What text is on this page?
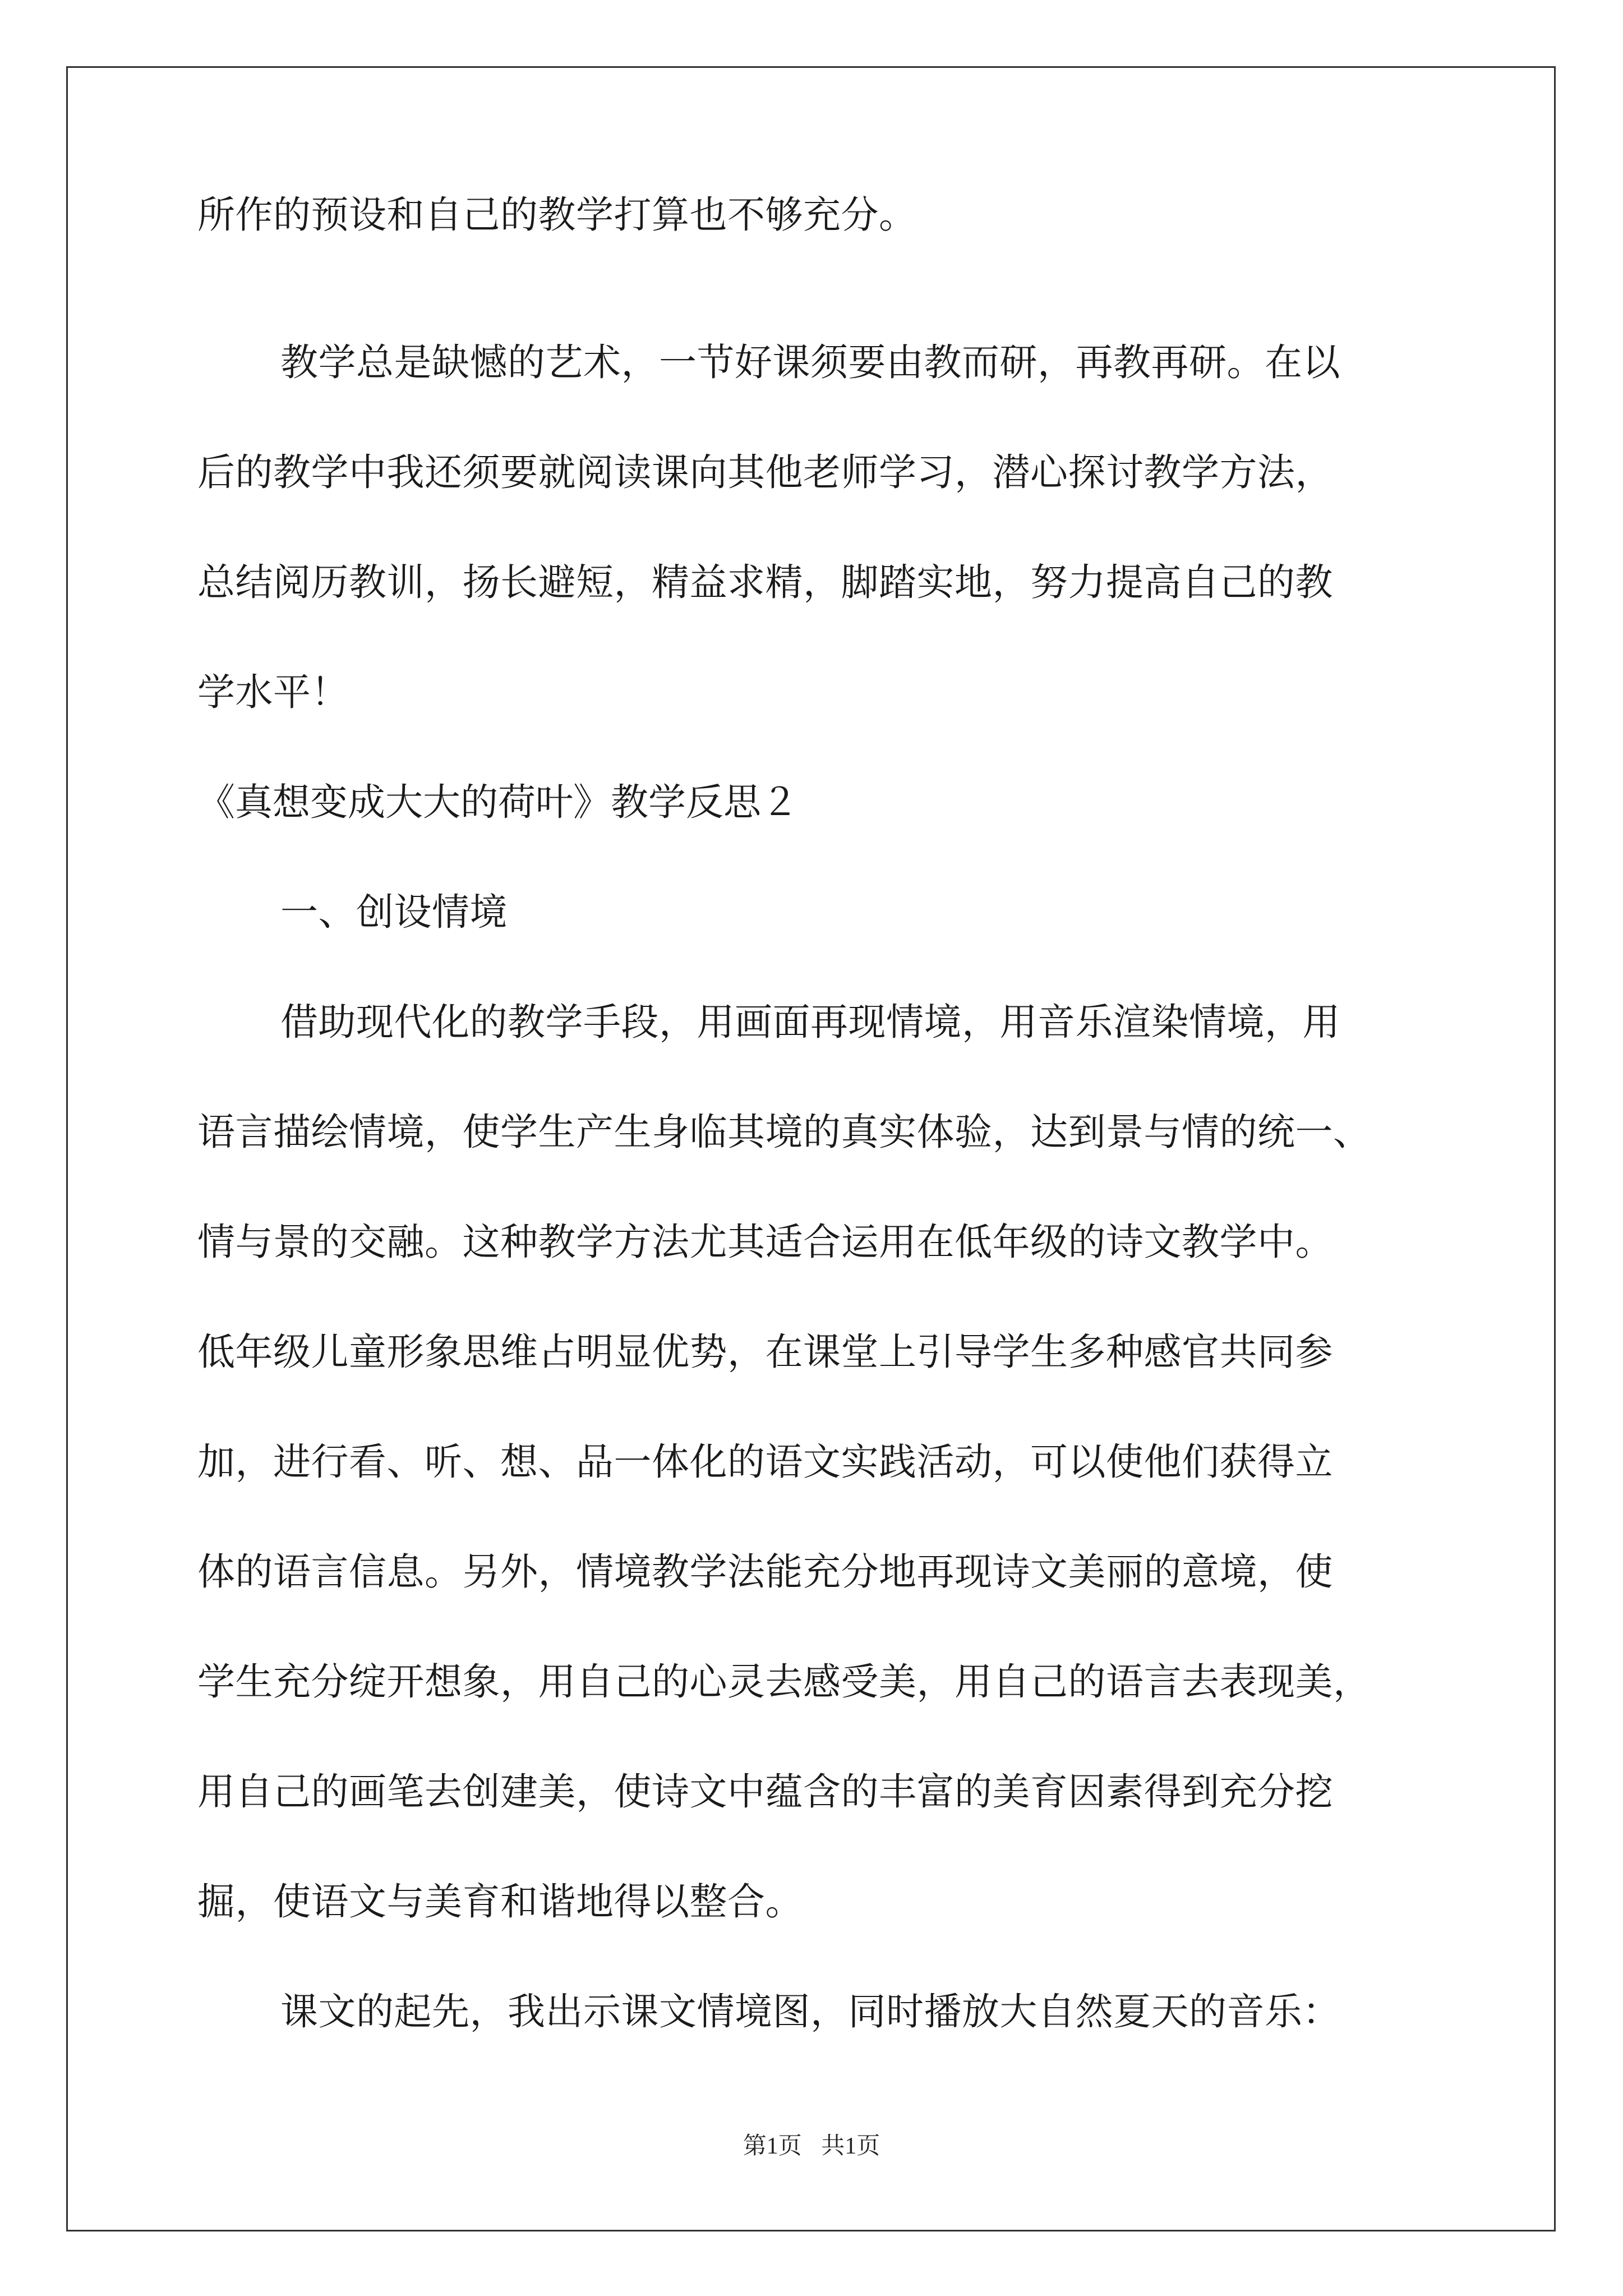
所作的预设和自己的教学打算也不够充分。
教学总是缺憾的艺术，一节好课须要由教而研，再教再研。在以
后的教学中我还须要就阅读课向其他老师学习，潜心探讨教学方法，
总结阅历教训，扬长避短，精益求精，脚踏实地，努力提高自己的教
学水平！
《真想变成大大的荷叶》教学反思２
一、创设情境
借助现代化的教学手段，用画面再现情境，用音乐渲染情境，用
语言描绘情境，使学生产生身临其境的真实体验，达到景与情的统一、
情与景的交融。这种教学方法尤其适合运用在低年级的诗文教学中。
低年级儿童形象思维占明显优势，在课堂上引导学生多种感官共同参
加，进行看、听、想、品一体化的语文实践活动，可以使他们获得立
体的语言信息。另外，情境教学法能充分地再现诗文美丽的意境，使
学生充分绽开想象，用自己的心灵去感受美，用自己的语言去表现美，
用自己的画笔去创建美，使诗文中蕴含的丰富的美育因素得到充分挖
掘，使语文与美育和谐地得以整合。
课文的起先，我出示课文情境图，同时播放大自然夏天的音乐：
第1页 共1页
